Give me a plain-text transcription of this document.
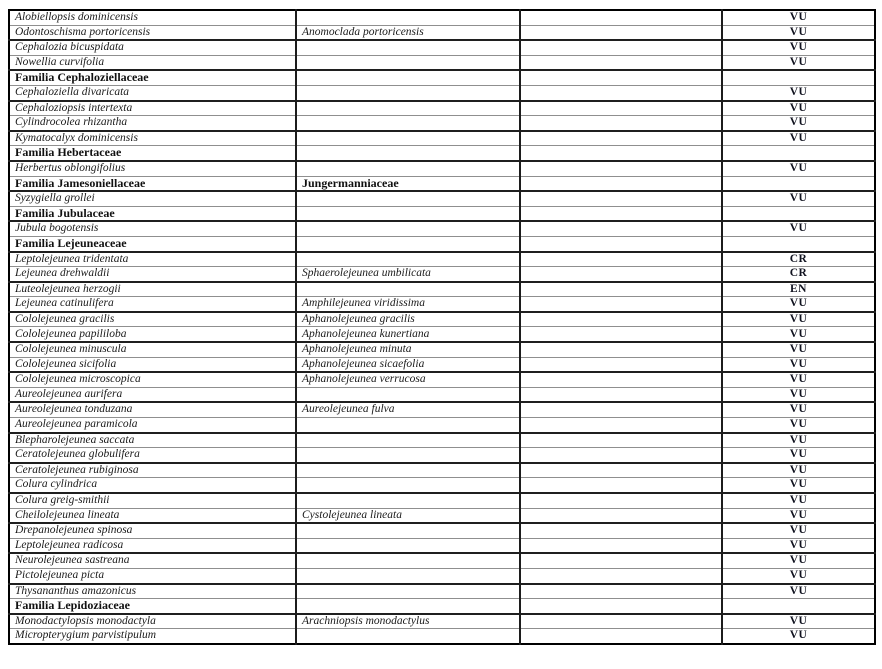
Alobiellopsis dominicensis			VU
Odontoschisma portoricensis	Anomoclada portoricensis		VU
Cephalozia bicuspidata			VU
Nowellia curvifolia			VU
Familia Cephaloziellaceae			
Cephaloziella divaricata			VU
Cephaloziopsis intertexta			VU
Cylindrocolea rhizantha			VU
Kymatocalyx dominicensis			VU
Familia Hebertaceae			
Herbertus oblongifolius			VU
Familia Jamesoniellaceae	Jungermanniaceae		
Syzygiella grollei			VU
Familia Jubulaceae			
Jubula bogotensis			VU
Familia Lejeuneaceae			
Leptolejeunea tridentata			CR
Lejeunea drehwaldii	Sphaerolejeunea umbilicata		CR
Luteolejeunea herzogii			EN
Lejeunea catinulifera	Amphilejeunea viridissima		VU
Cololejeunea gracilis	Aphanolejeunea gracilis		VU
Cololejeunea papililoba	Aphanolejeunea kunertiana		VU
Cololejeunea minuscula	Aphanolejeunea minuta		VU
Cololejeunea sicifolia	Aphanolejeunea sicaefolia		VU
Cololejeunea microscopica	Aphanolejeunea verrucosa		VU
Aureolejeunea aurifera			VU
Aureolejeunea tonduzana	Aureolejeunea fulva		VU
Aureolejeunea paramicola			VU
Blepharolejeunea saccata			VU
Ceratolejeunea globulifera			VU
Ceratolejeunea rubiginosa			VU
Colura cylindrica			VU
Colura greig-smithii			VU
Cheilolejeunea lineata	Cystolejeunea lineata		VU
Drepanolejeunea spinosa			VU
Leptolejeunea radicosa			VU
Neurolejeunea sastreana			VU
Pictolejeunea picta			VU
Thysananthus amazonicus			VU
Familia Lepidoziaceae			
Monodactylopsis monodactyla	Arachniopsis monodactylus		VU
Micropterygium parvistipulum			VU
